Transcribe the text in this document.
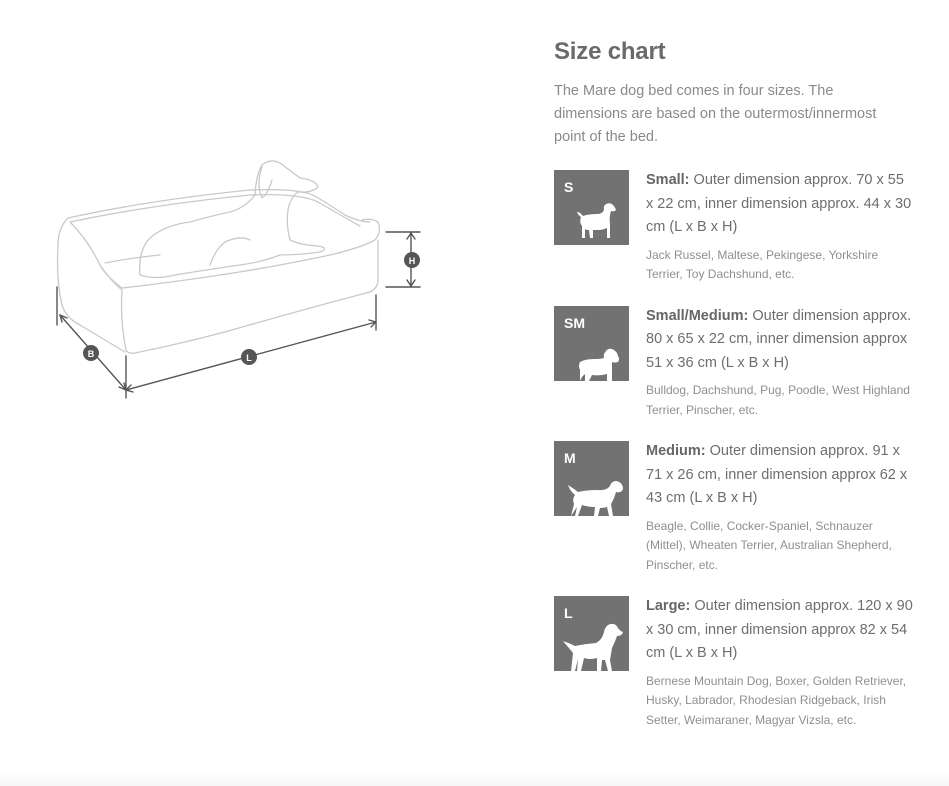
B	L
H
Size chart

The Mare dog bed comes in four sizes. The dimensions are based on the outermost/innermost point of the bed.

S	Small: Outer dimension approx. 70 x 55 x 22 cm, inner dimension approx. 44 x 30 cm (L x B x H)
Jack Russel, Maltese, Pekingese, Yorkshire Terrier, Toy Dachshund, etc.
SM	Small/Medium: Outer dimension approx. 80 x 65 x 22 cm, inner dimension approx 51 x 36 cm (L x B x H)
Bulldog, Dachshund, Pug, Poodle, West Highland Terrier, Pinscher, etc.
M	Medium: Outer dimension approx. 91 x 71 x 26 cm, inner dimension approx 62 x 43 cm (L x B x H)
Beagle, Collie, Cocker-Spaniel, Schnauzer (Mittel), Wheaten Terrier, Australian Shepherd, Pinscher, etc.
L	Large: Outer dimension approx. 120 x 90 x 30 cm, inner dimension approx 82 x 54 cm (L x B x H)
Bernese Mountain Dog, Boxer, Golden Retriever, Husky, Labrador, Rhodesian Ridgeback, Irish Setter, Weimaraner, Magyar Vizsla, etc.
